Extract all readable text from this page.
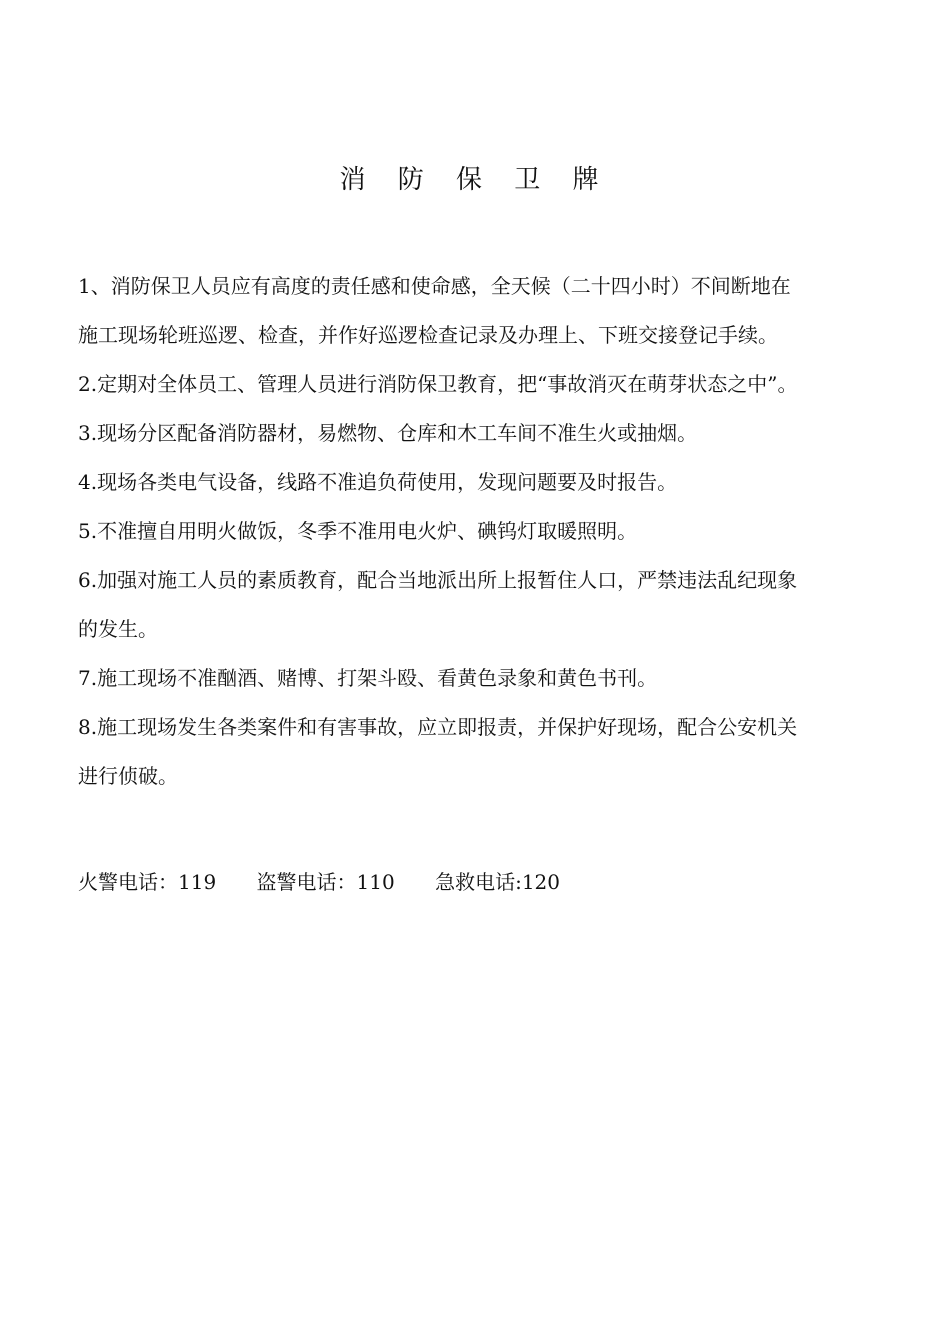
消 防 保 卫 牌

1、消防保卫人员应有高度的责任感和使命感，全天候（二十四小时）不间断地在
施工现场轮班巡逻、检查，并作好巡逻检查记录及办理上、下班交接登记手续。

2.定期对全体员工、管理人员进行消防保卫教育，把“事故消灭在萌芽状态之中”。

3.现场分区配备消防器材，易燃物、仓库和木工车间不准生火或抽烟。

4.现场各类电气设备，线路不准追负荷使用，发现问题要及时报告。

5.不准擅自用明火做饭，冬季不准用电火炉、碘钨灯取暖照明。

6.加强对施工人员的素质教育，配合当地派出所上报暂住人口，严禁违法乱纪现象
的发生。

7.施工现场不准酗酒、赌博、打架斗殴、看黄色录象和黄色书刊。

8.施工现场发生各类案件和有害事故，应立即报责，并保护好现场，配合公安机关
进行侦破。

火警电话：119 盗警电话：110 急救电话:120
